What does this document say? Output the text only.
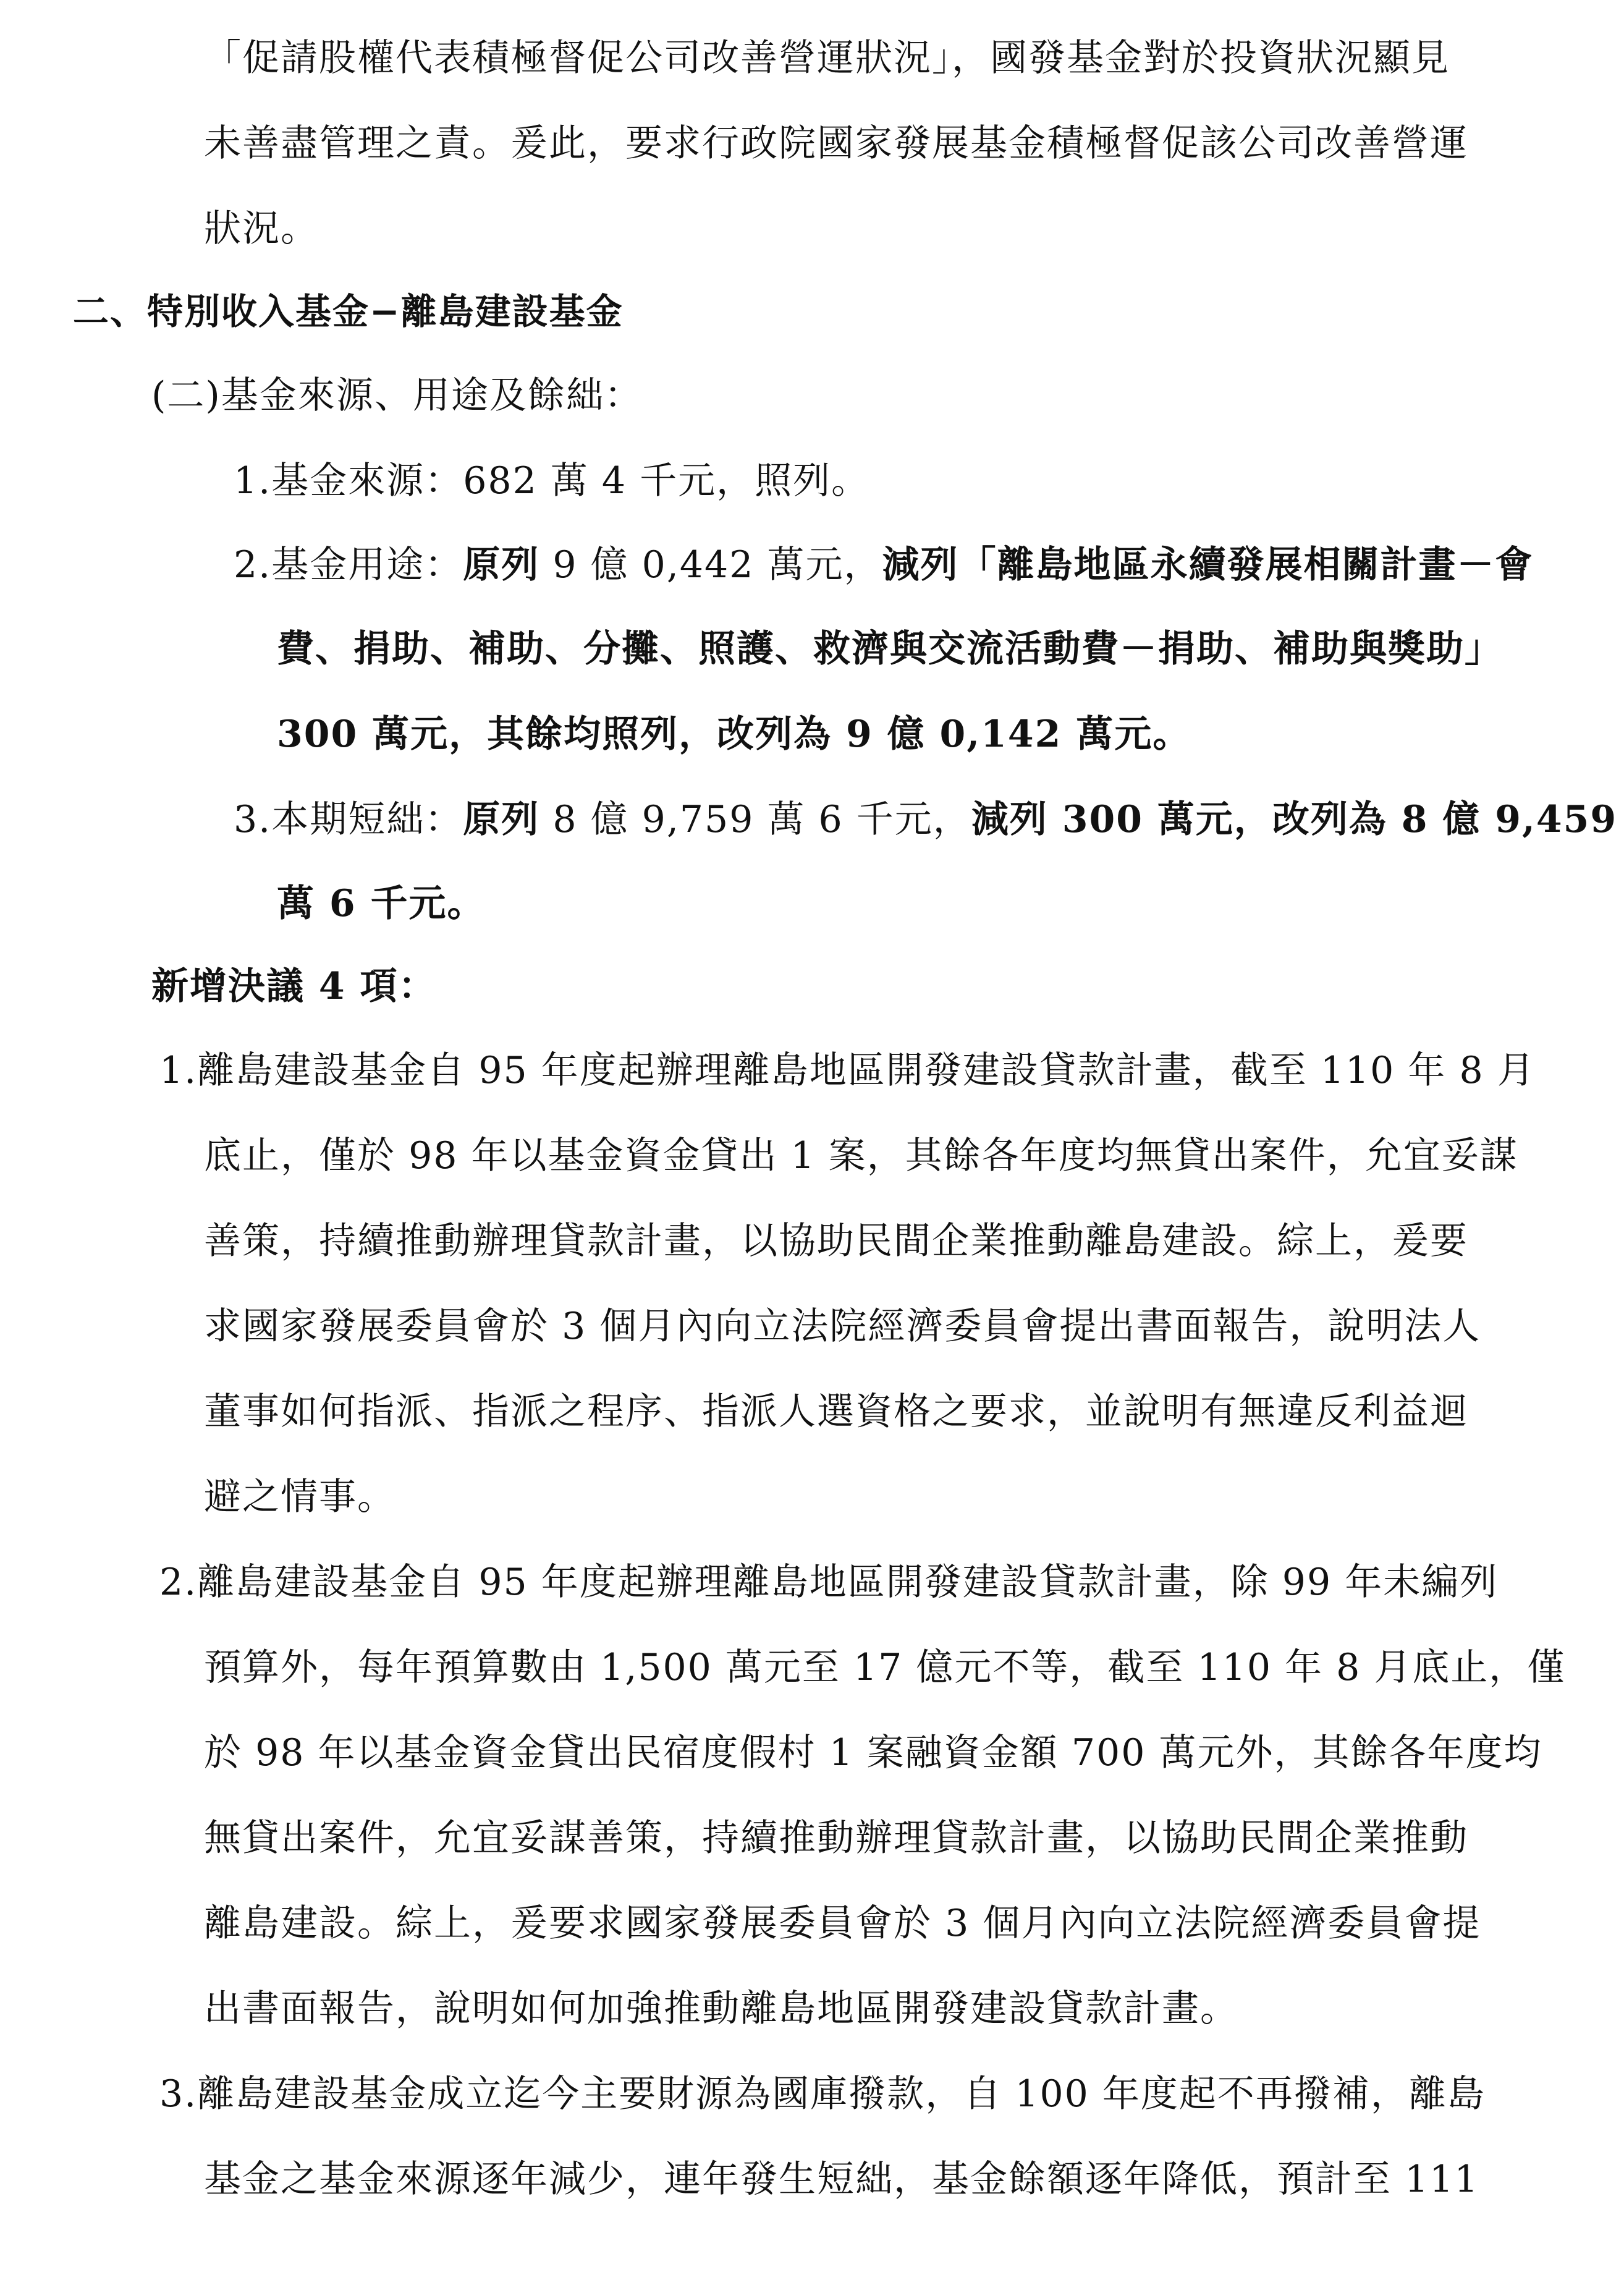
「促請股權代表積極督促公司改善營運狀況」，國發基金對於投資狀況顯見
未善盡管理之責。爰此，要求行政院國家發展基金積極督促該公司改善營運
狀況。
二、特別收入基金−離島建設基金
(二)基金來源、用途及餘絀：
1.基金來源：682 萬 4 千元，照列。
2.基金用途：原列 9 億 0,442 萬元，減列「離島地區永續發展相關計畫－會
費、捐助、補助、分攤、照護、救濟與交流活動費－捐助、補助與獎助」
300 萬元，其餘均照列，改列為 9 億 0,142 萬元。
3.本期短絀：原列 8 億 9,759 萬 6 千元，減列 300 萬元，改列為 8 億 9,459
萬 6 千元。
新增決議 4 項：
1.離島建設基金自 95 年度起辦理離島地區開發建設貸款計畫，截至 110 年 8 月
底止，僅於 98 年以基金資金貸出 1 案，其餘各年度均無貸出案件，允宜妥謀
善策，持續推動辦理貸款計畫，以協助民間企業推動離島建設。綜上，爰要
求國家發展委員會於 3 個月內向立法院經濟委員會提出書面報告，說明法人
董事如何指派、指派之程序、指派人選資格之要求，並說明有無違反利益迴
避之情事。
2.離島建設基金自 95 年度起辦理離島地區開發建設貸款計畫，除 99 年未編列
預算外，每年預算數由 1,500 萬元至 17 億元不等，截至 110 年 8 月底止，僅
於 98 年以基金資金貸出民宿度假村 1 案融資金額 700 萬元外，其餘各年度均
無貸出案件，允宜妥謀善策，持續推動辦理貸款計畫，以協助民間企業推動
離島建設。綜上，爰要求國家發展委員會於 3 個月內向立法院經濟委員會提
出書面報告，說明如何加強推動離島地區開發建設貸款計畫。
3.離島建設基金成立迄今主要財源為國庫撥款，自 100 年度起不再撥補，離島
基金之基金來源逐年減少，連年發生短絀，基金餘額逐年降低，預計至 111
